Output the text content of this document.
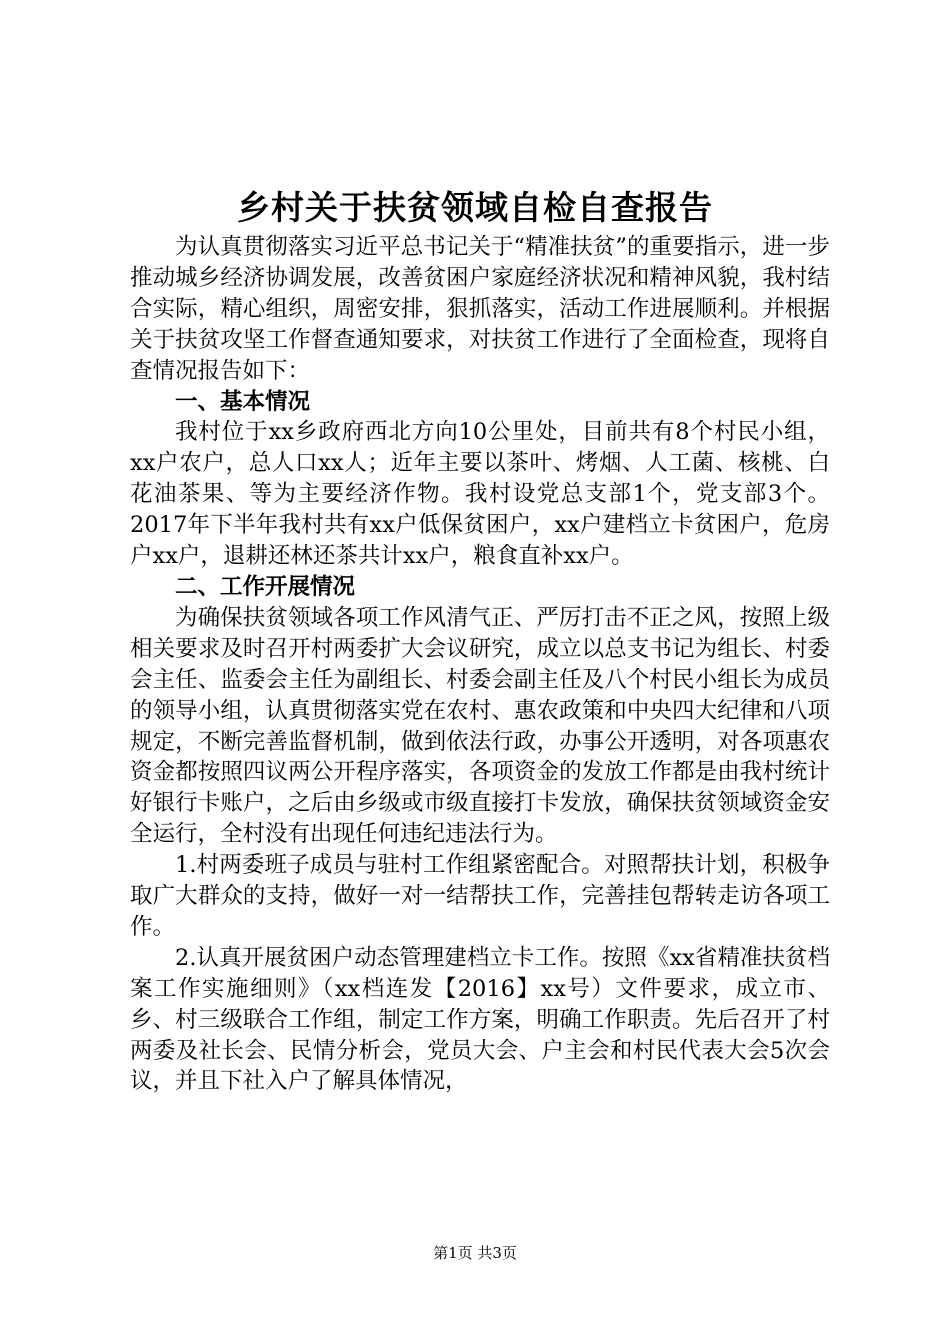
乡村关于扶贫领域自检自查报告

为认真贯彻落实习近平总书记关于“精准扶贫”的重要指示，进一步推动城乡经济协调发展，改善贫困户家庭经济状况和精神风貌，我村结合实际，精心组织，周密安排，狠抓落实，活动工作进展顺利。并根据关于扶贫攻坚工作督查通知要求，对扶贫工作进行了全面检查，现将自查情况报告如下：

一、基本情况

我村位于xx乡政府西北方向10公里处，目前共有8个村民小组，xx户农户，总人口xx人；近年主要以茶叶、烤烟、人工菌、核桃、白花油茶果、等为主要经济作物。我村设党总支部1个，党支部3个。2017年下半年我村共有xx户低保贫困户，xx户建档立卡贫困户，危房户xx户，退耕还林还茶共计xx户，粮食直补xx户。

二、工作开展情况

为确保扶贫领域各项工作风清气正、严厉打击不正之风，按照上级相关要求及时召开村两委扩大会议研究，成立以总支书记为组长、村委会主任、监委会主任为副组长、村委会副主任及八个村民小组长为成员的领导小组，认真贯彻落实党在农村、惠农政策和中央四大纪律和八项规定，不断完善监督机制，做到依法行政，办事公开透明，对各项惠农资金都按照四议两公开程序落实，各项资金的发放工作都是由我村统计好银行卡账户，之后由乡级或市级直接打卡发放，确保扶贫领域资金安全运行，全村没有出现任何违纪违法行为。

1.村两委班子成员与驻村工作组紧密配合。对照帮扶计划，积极争取广大群众的支持，做好一对一结帮扶工作，完善挂包帮转走访各项工作。

2.认真开展贫困户动态管理建档立卡工作。按照《xx省精准扶贫档案工作实施细则》（xx档连发【2016】xx号）文件要求，成立市、乡、村三级联合工作组，制定工作方案，明确工作职责。先后召开了村两委及社长会、民情分析会，党员大会、户主会和村民代表大会5次会议，并且下社入户了解具体情况，

第1页 共3页
